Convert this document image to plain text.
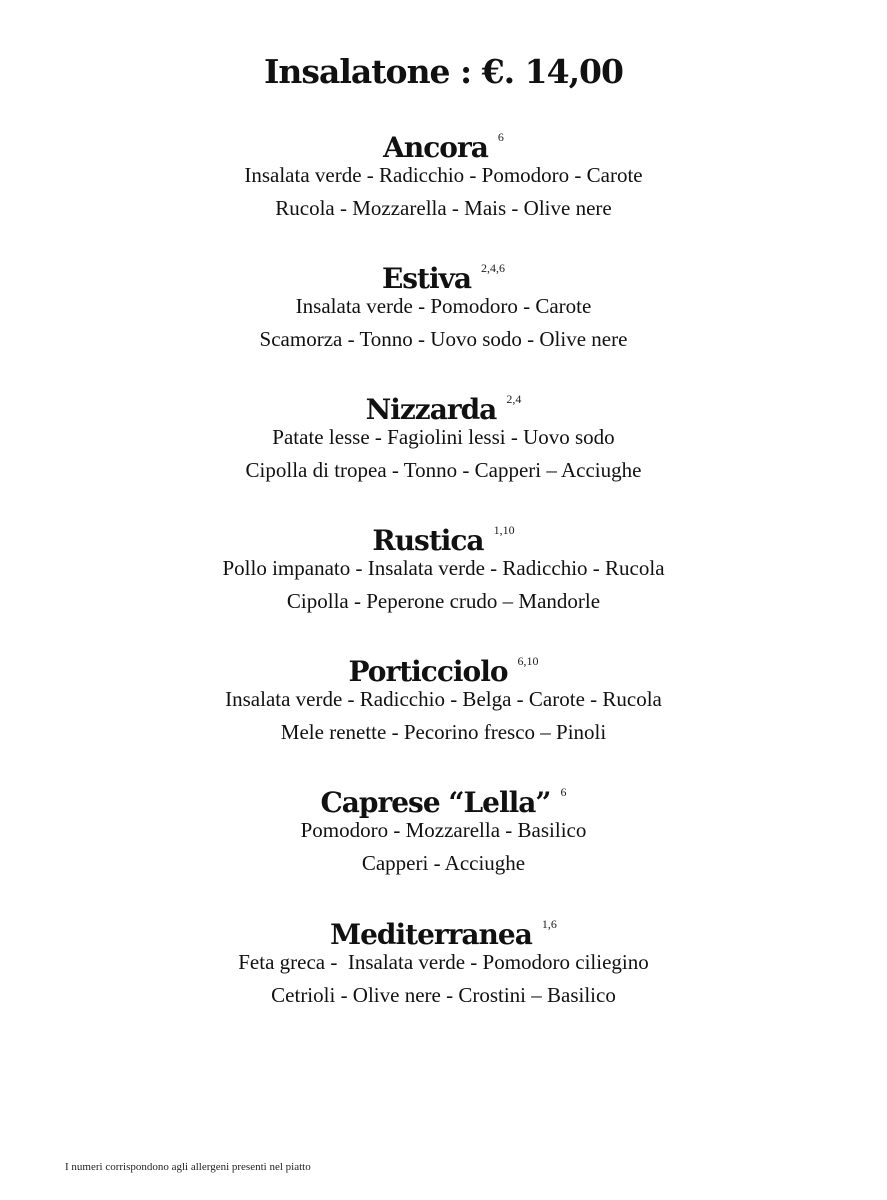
Insalatone : €. 14,00
Ancora 6
Insalata verde - Radicchio - Pomodoro - Carote
Rucola - Mozzarella - Mais - Olive nere
Estiva 2,4,6
Insalata verde - Pomodoro - Carote
Scamorza - Tonno - Uovo sodo - Olive nere
Nizzarda 2,4
Patate lesse - Fagiolini lessi - Uovo sodo
Cipolla di tropea - Tonno - Capperi – Acciughe
Rustica 1,10
Pollo impanato - Insalata verde - Radicchio - Rucola
Cipolla - Peperone crudo – Mandorle
Porticciolo 6,10
Insalata verde - Radicchio - Belga - Carote - Rucola
Mele renette - Pecorino fresco – Pinoli
Caprese “Lella” 6
Pomodoro - Mozzarella - Basilico
Capperi - Acciughe
Mediterranea 1,6
Feta greca -  Insalata verde - Pomodoro ciliegino
Cetrioli - Olive nere - Crostini – Basilico
I numeri corrispondono agli allergeni presenti nel piatto
